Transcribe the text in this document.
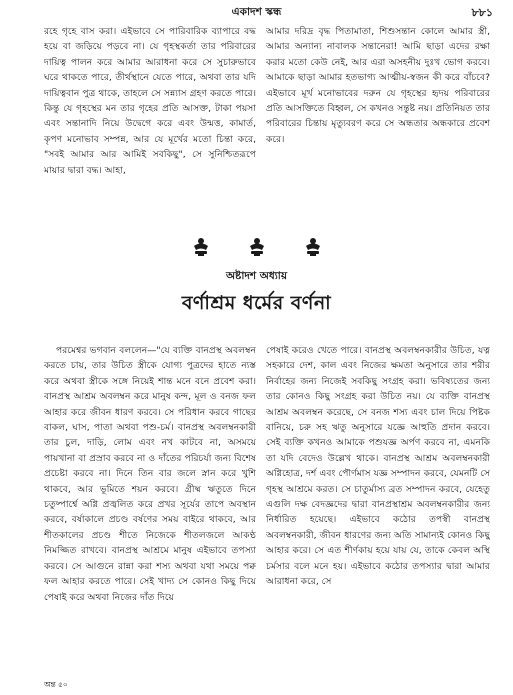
একাদশ স্কন্ধ	৮৮১

রহে গৃহে বাস করা। এইভাবে সে পারিবারিক ব্যাপারে বদ্ধ হয়ে বা জড়িয়ে পড়বে না। যে গৃহস্থকর্তা তার পরিবারের দায়িত্ব পালন করে আমার আরাধনা করে সে সুচারুভাবে ঘরে থাকতে পারে, তীর্থস্থানে যেতে পারে, অথবা তার যদি দায়িত্ববান পুত্র থাকে, তাহলে সে সন্ন্যাস গ্রহণ করতে পারে। কিন্তু যে গৃহস্থের মন তার গৃহের প্রতি আসক্ত, টাকা পয়সা এবং সন্তানাদি নিয়ে উদ্বেগে করে এবং উন্মত্ত, কামার্ত, কৃপণ মনোভাব সম্পন্ন, আর যে মূর্খের মতো চিন্তা করে, "সবই আমার আর আমিই সবকিছু", সে সুনিশ্চিতরূপে মায়ার দ্বারা বদ্ধ। আহা,

আমার দরিদ্র বৃদ্ধ পিতামাতা, শিশুসন্তান কোলে আমার স্ত্রী, আমার অন্যান্য নাবালক সন্তানেরা! আমি ছাড়া এদের রক্ষা করার মতো কেউ নেই, আর এরা অসহনীয় দুঃখ ভোগ করবে। আমাকে ছাড়া আমার হতভাগ্য আত্মীয়-স্বজন কী করে বাঁচবে? এইভাবে মূর্খ মনোভাবের দরুন যে গৃহস্থের হৃদয় পরিবারের প্রতি আসক্তিতে বিহ্বল, সে কখনও সন্তুষ্ট নয়। প্রতিনিয়ত তার পরিবারের চিন্তায় মৃত্যুবরণ করে সে অন্ধতার অন্ধকারে প্রবেশ করে।

অষ্টাদশ অধ্যায়
বর্ণাশ্রম ধর্মের বর্ণনা

পরমেশ্বর ভগবান বললেন—"যে ব্যক্তি বানপ্রস্থ অবলম্বন করতে চায়, তার উচিত স্ত্রীকে যোগ্য পুত্রদের হাতে ন্যস্ত করে অথবা স্ত্রীকে সঙ্গে নিয়েই শান্ত মনে বনে প্রবেশ করা। বানপ্রস্থ আশ্রম অবলম্বন করে মানুষ কন্দ, মূল ও বনজ ফল আহার করে জীবন ধারণ করবে। সে পরিধান করবে গাছের বাকল, ঘাস, পাতা অথবা পশু-চর্ম। বানপ্রস্থ অবলম্বনকারী তার চুল, দাড়ি, লোম এবং নখ কাটবে না, অসময়ে পায়খানা বা প্রস্রাব করবে না ও দাঁতের পরিচর্যা জন্য বিশেষ প্রচেষ্টা করবে না। দিনে তিন বার জলে স্নান করে খুশি থাকবে, আর ভূমিতে শয়ন করবে। গ্রীষ্ম ঋতুতে দিনে চতুষ্পার্শ্বে অগ্নি প্রজ্বলিত করে প্রখর সূর্যের তাপে অবস্থান করবে, বর্ষাকালে প্রচণ্ড বর্ষণের সময় বাইরে থাকবে, আর শীতকালের প্রচণ্ড শীতে নিজেকে শীতলজলে আকণ্ঠ নিমজ্জিত রাখবে। বানপ্রস্থ আশ্রমে মানুষ এইভাবে তপস্যা করবে। সে আগুনে রান্না করা শস্য অথবা যথা সময়ে পক্ব ফল আহার করতে পারে। সেই খাদ্য সে কোনও কিছু দিয়ে পেষাই করে অথবা নিজের দাঁত দিয়ে

পেষাই করেও খেতে পারে। বানপ্রস্থ অবলম্বনকারীর উচিত, যত্ন সহকারে দেশ, কাল এবং নিজের ক্ষমতা অনুসারে তার শরীর নির্বাহের জন্য নিজেই সবকিছু সংগ্রহ করা। ভবিষ্যতের জন্য তার কোনও কিছু সংগ্রহ করা উচিত নয়। যে ব্যক্তি বানপ্রস্থ আশ্রম অবলম্বন করেছে, সে বনজ শস্য এবং চাল দিয়ে পিষ্টক বানিয়ে, চরু সহ ঋতু অনুসারে যজ্ঞে আহুতি প্রদান করবে। সেই ব্যক্তি কখনও আমাকে পশুযজ্ঞ অর্পণ করবে না, এমনকি তা যদি বেদেও উল্লেখ থাকে। বানপ্রস্থ আশ্রম অবলম্বনকারী অগ্নিহোত্র, দর্শ এবং পৌর্ণমাস যজ্ঞ সম্পাদন করবে, যেমনটি সে গৃহস্থ আশ্রমে করত। সে চাতুর্মাস্য ব্রত সম্পাদন করবে, যেহেতু এগুলি দক্ষ বেদজ্ঞদের দ্বারা বানপ্রস্থাশ্রম অবলম্বনকারীর জন্য নির্ধারিত হয়েছে। এইভাবে কঠোর তপস্বী বানপ্রস্থ অবলম্বনকারী, জীবন ধারণের জন্য অতি সামান্যই কোনও কিছু আহার করে। সে এত শীর্ণকায় হয়ে যায় যে, তাকে কেবল অস্থি চর্মসার বলে মনে হয়। এইভাবে কঠোর তপস্যার দ্বারা আমার আরাধনা করে, সে

অন্ত ৫০
